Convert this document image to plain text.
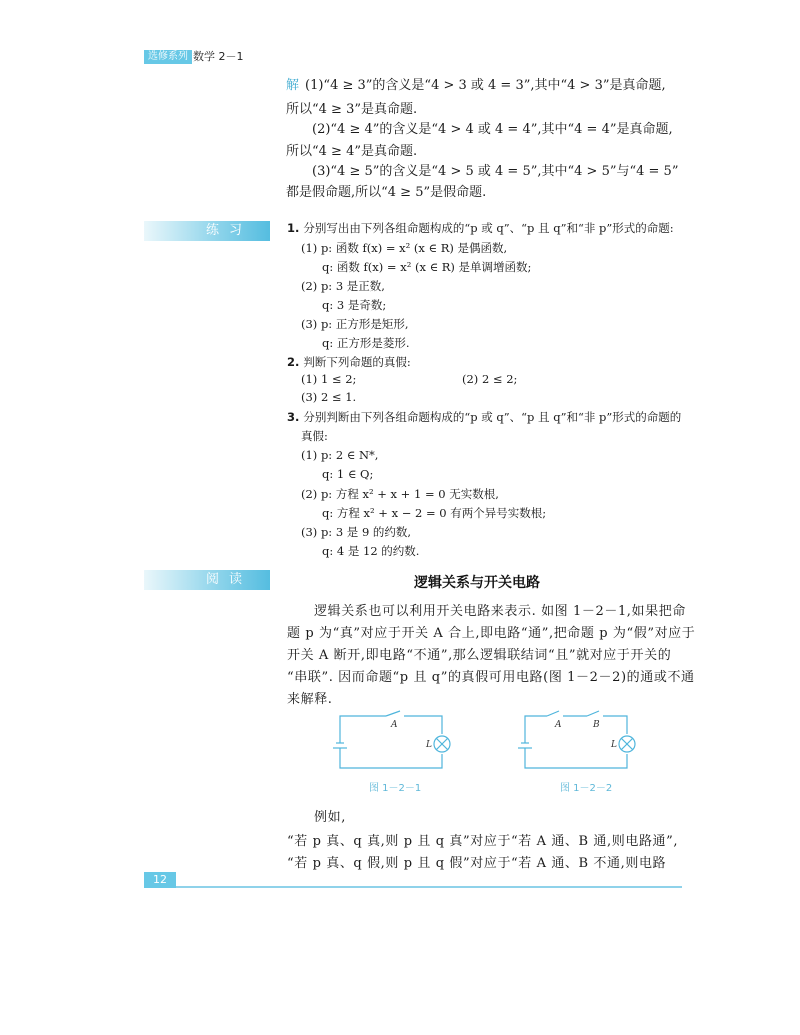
选修系列 数学 2－1
解 (1)“4 ≥ 3”的含义是“4 > 3 或 4 = 3”,其中“4 > 3”是真命题,
所以“4 ≥ 3”是真命题.
(2)“4 ≥ 4”的含义是“4 > 4 或 4 = 4”,其中“4 = 4”是真命题,
所以“4 ≥ 4”是真命题.
(3)“4 ≥ 5”的含义是“4 > 5 或 4 = 5”,其中“4 > 5”与“4 = 5”
都是假命题,所以“4 ≥ 5”是假命题.
练习	1. 分别写出由下列各组命题构成的“p 或 q”、“p 且 q”和“非 p”形式的命题:
(1) p: 函数 f(x) = x² (x ∈ R) 是偶函数,
q: 函数 f(x) = x² (x ∈ R) 是单调增函数;
(2) p: 3 是正数,
q: 3 是奇数;
(3) p: 正方形是矩形,
q: 正方形是菱形.
2. 判断下列命题的真假:
(1) 1 ≤ 2;	(2) 2 ≤ 2;
(3) 2 ≤ 1.
3. 分别判断由下列各组命题构成的“p 或 q”、“p 且 q”和“非 p”形式的命题的
真假:
(1) p: 2 ∈ N*,
q: 1 ∈ Q;
(2) p: 方程 x² + x + 1 = 0 无实数根,
q: 方程 x² + x − 2 = 0 有两个异号实数根;
(3) p: 3 是 9 的约数,
q: 4 是 12 的约数.
阅读	逻辑关系与开关电路
逻辑关系也可以利用开关电路来表示. 如图 1－2－1,如果把命
题 p 为“真”对应于开关 A 合上,即电路“通”,把命题 p 为“假”对应于
开关 A 断开,即电路“不通”,那么逻辑联结词“且”就对应于开关的
“串联”. 因而命题“p 且 q”的真假可用电路(图 1－2－2)的通或不通
来解释.
A
L
图 1－2－1
A	B
L
图 1－2－2
例如,
“若 p 真、q 真,则 p 且 q 真”对应于“若 A 通、B 通,则电路通”,
“若 p 真、q 假,则 p 且 q 假”对应于“若 A 通、B 不通,则电路
12
